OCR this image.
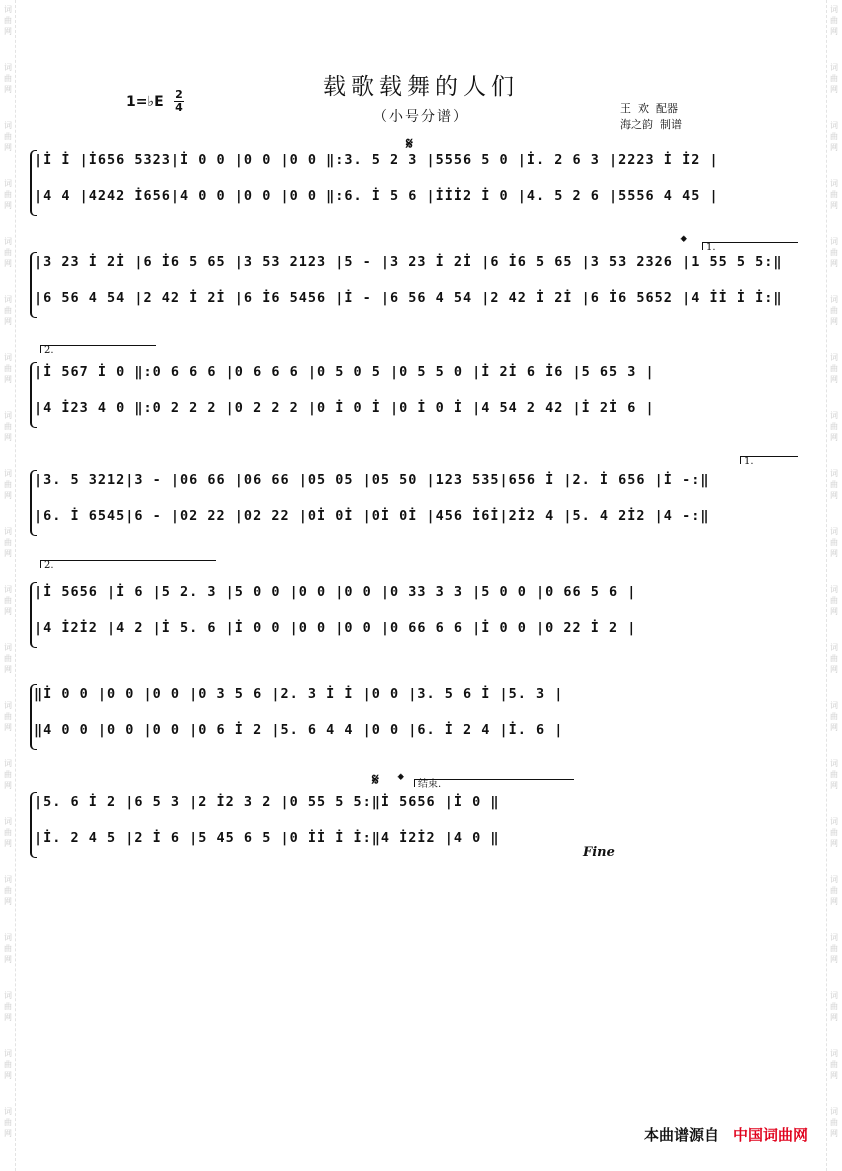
词
曲
网
词
曲
网
词
曲
网
词
曲
网
词
曲
网
词
曲
网
词
曲
网
词
曲
网
词
曲
网
词
曲
网
词
曲
网
词
曲
网
词
曲
网
词
曲
网
词
曲
网
词
曲
网
词
曲
网
词
曲
网
词
曲
网
词
曲
网
词
曲
网
词
曲
网
词
曲
网
词
曲
网
词
曲
网
词
曲
网
词
曲
网
词
曲
网
词
曲
网
词
曲
网
词
曲
网
词
曲
网
词
曲
网
词
曲
网
词
曲
网
词
曲
网
词
曲
网
词
曲
网
词
曲
网
词
曲
网
载歌载舞的人们
（小号分谱）
1=♭E 2
4	王  欢  配器
海之韵  制谱
𝄋
𝄌	1.
2.
1.
2.
𝄋 𝄌	结束.
Fine
|İ İ |İ656 5323|İ 0 0 |0 0 |0 0 ‖:3. 5 2 3 |5556 5 0 |İ. 2 6 3 |2223 İ İ2 |
|4 4 |4242 İ656|4 0 0 |0 0 |0 0 ‖:6. İ 5 6 |İİİ2 İ 0 |4. 5 2 6 |5556 4 45 |
|3 23 İ 2İ |6 İ6 5 65 |3 53 2123 |5 - |3 23 İ 2İ |6 İ6 5 65 |3 53 2326 |1 55 5 5:‖
|6 56 4 54 |2 42 İ 2İ |6 İ6 5456 |İ - |6 56 4 54 |2 42 İ 2İ |6 İ6 5652 |4 İİ İ İ:‖
|İ 567 İ 0 ‖:0 6 6 6 |0 6 6 6 |0 5 0 5 |0 5 5 0 |İ 2İ 6 İ6 |5 65 3 |
|4 İ23 4 0 ‖:0 2 2 2 |0 2 2 2 |0 İ 0 İ |0 İ 0 İ |4 54 2 42 |İ 2İ 6 |
|3. 5 3212|3 - |06 66 |06 66 |05 05 |05 50 |123 535|656 İ |2. İ 656 |İ -:‖
|6. İ 6545|6 - |02 22 |02 22 |0İ 0İ |0İ 0İ |456 İ6İ|2İ2 4 |5. 4 2İ2 |4 -:‖
|İ 5656 |İ 6 |5 2. 3 |5 0 0 |0 0 |0 0 |0 33 3 3 |5 0 0 |0 66 5 6 |
|4 İ2İ2 |4 2 |İ 5. 6 |İ 0 0 |0 0 |0 0 |0 66 6 6 |İ 0 0 |0 22 İ 2 |
‖İ 0 0 |0 0 |0 0 |0 3 5 6 |2. 3 İ İ |0 0 |3. 5 6 İ |5. 3 |
‖4 0 0 |0 0 |0 0 |0 6 İ 2 |5. 6 4 4 |0 0 |6. İ 2 4 |İ. 6 |
|5. 6 İ 2 |6 5 3 |2 İ2 3 2 |0 55 5 5:‖İ 5656 |İ 0 ‖
|İ. 2 4 5 |2 İ 6 |5 45 6 5 |0 İİ İ İ:‖4 İ2İ2 |4 0 ‖
本曲谱源自 中国词曲网
